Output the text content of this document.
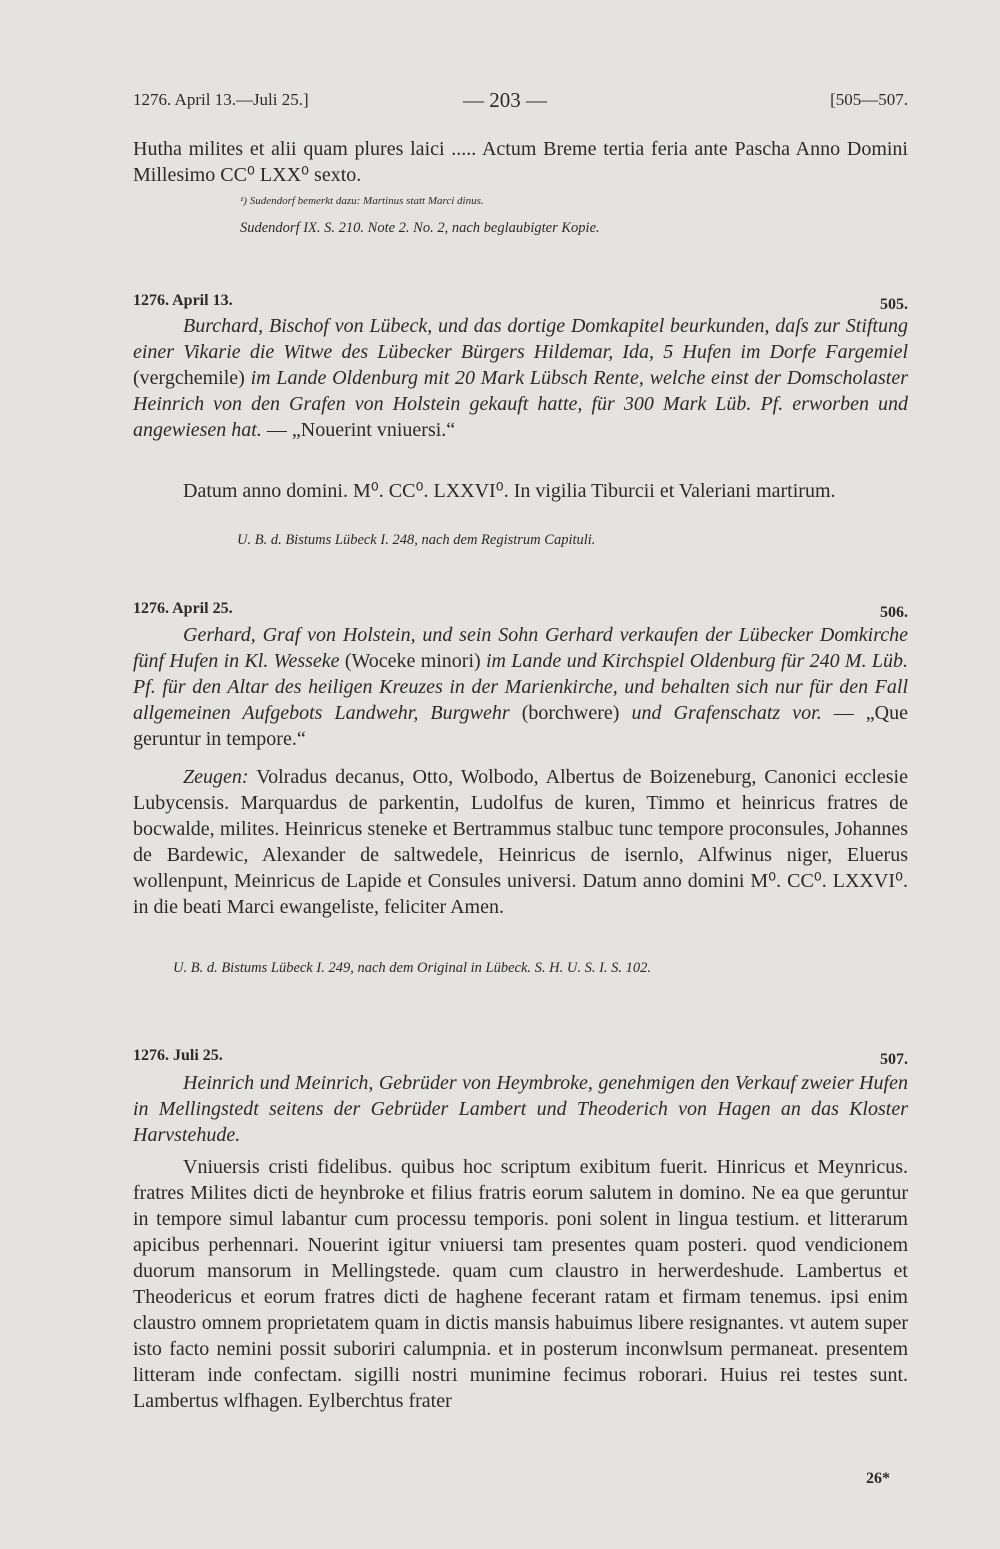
1276. April 13.—Juli 25.]	— 203 —	[505—507.
Hutha milites et alii quam plures laici ..... Actum Breme tertia feria ante Pascha Anno Domini Millesimo CC⁰ LXX⁰ sexto.
¹) Sudendorf bemerkt dazu: Martinus statt Marci dinus.
Sudendorf IX. S. 210. Note 2. No. 2, nach beglaubigter Kopie.
1276. April 13.	505.
Burchard, Bischof von Lübeck, und das dortige Domkapitel beurkunden, daſs zur Stiftung einer Vikarie die Witwe des Lübecker Bürgers Hildemar, Ida, 5 Hufen im Dorfe Fargemiel (vergchemile) im Lande Oldenburg mit 20 Mark Lübsch Rente, welche einst der Domscholaster Heinrich von den Grafen von Holstein gekauft hatte, für 300 Mark Lüb. Pf. erworben und angewiesen hat. — „Nouerint vniuersi.“
Datum anno domini. M⁰. CC⁰. LXXVI⁰. In vigilia Tiburcii et Valeriani martirum.
U. B. d. Bistums Lübeck I. 248, nach dem Registrum Capituli.
1276. April 25.	506.
Gerhard, Graf von Holstein, und sein Sohn Gerhard verkaufen der Lübecker Domkirche fünf Hufen in Kl. Wesseke (Woceke minori) im Lande und Kirchspiel Oldenburg für 240 M. Lüb. Pf. für den Altar des heiligen Kreuzes in der Marienkirche, und behalten sich nur für den Fall allgemeinen Aufgebots Landwehr, Burgwehr (borchwere) und Grafenschatz vor. — „Que geruntur in tempore.“
Zeugen: Volradus decanus, Otto, Wolbodo, Albertus de Boizeneburg, Canonici ecclesie Lubycensis. Marquardus de parkentin, Ludolfus de kuren, Timmo et heinricus fratres de bocwalde, milites. Heinricus steneke et Bertrammus stalbuc tunc tempore proconsules, Johannes de Bardewic, Alexander de saltwedele, Heinricus de isernlo, Alfwinus niger, Eluerus wollenpunt, Meinricus de Lapide et Consules universi. Datum anno domini M⁰. CC⁰. LXXVI⁰. in die beati Marci ewangeliste, feliciter Amen.
U. B. d. Bistums Lübeck I. 249, nach dem Original in Lübeck. S. H. U. S. I. S. 102.
1276. Juli 25.	507.
Heinrich und Meinrich, Gebrüder von Heymbroke, genehmigen den Verkauf zweier Hufen in Mellingstedt seitens der Gebrüder Lambert und Theoderich von Hagen an das Kloster Harvstehude.
Vniuersis cristi fidelibus. quibus hoc scriptum exibitum fuerit. Hinricus et Meynricus. fratres Milites dicti de heynbroke et filius fratris eorum salutem in domino. Ne ea que geruntur in tempore simul labantur cum processu temporis. poni solent in lingua testium. et litterarum apicibus perhennari. Nouerint igitur vniuersi tam presentes quam posteri. quod vendicionem duorum mansorum in Mellingstede. quam cum claustro in herwerdeshude. Lambertus et Theodericus et eorum fratres dicti de haghene fecerant ratam et firmam tenemus. ipsi enim claustro omnem proprietatem quam in dictis mansis habuimus libere resignantes. vt autem super isto facto nemini possit suboriri calumpnia. et in posterum inconwlsum permaneat. presentem litteram inde confectam. sigilli nostri munimine fecimus roborari. Huius rei testes sunt. Lambertus wlfhagen. Eylberchtus frater
26*
